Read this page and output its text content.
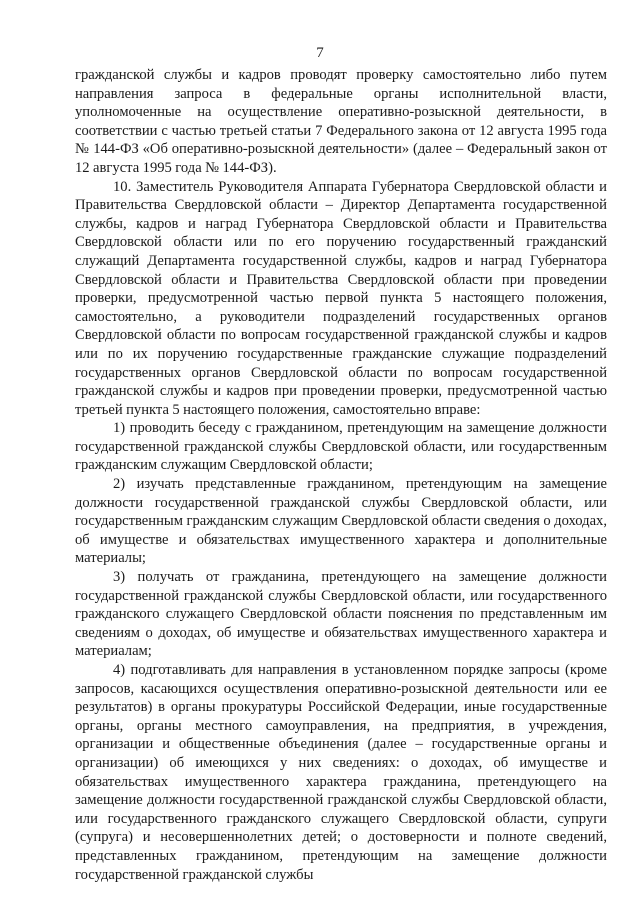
7

гражданской службы и кадров проводят проверку самостоятельно либо путем направления запроса в федеральные органы исполнительной власти, уполномоченные на осуществление оперативно-розыскной деятельности, в соответствии с частью третьей статьи 7 Федерального закона от 12 августа 1995 года № 144-ФЗ «Об оперативно-розыскной деятельности» (далее – Федеральный закон от 12 августа 1995 года № 144-ФЗ).

10. Заместитель Руководителя Аппарата Губернатора Свердловской области и Правительства Свердловской области – Директор Департамента государственной службы, кадров и наград Губернатора Свердловской области и Правительства Свердловской области или по его поручению государственный гражданский служащий Департамента государственной службы, кадров и наград Губернатора Свердловской области и Правительства Свердловской области при проведении проверки, предусмотренной частью первой пункта 5 настоящего положения, самостоятельно, а руководители подразделений государственных органов Свердловской области по вопросам государственной гражданской службы и кадров или по их поручению государственные гражданские служащие подразделений государственных органов Свердловской области по вопросам государственной гражданской службы и кадров при проведении проверки, предусмотренной частью третьей пункта 5 настоящего положения, самостоятельно вправе:

1) проводить беседу с гражданином, претендующим на замещение должности государственной гражданской службы Свердловской области, или государственным гражданским служащим Свердловской области;

2) изучать представленные гражданином, претендующим на замещение должности государственной гражданской службы Свердловской области, или государственным гражданским служащим Свердловской области сведения о доходах, об имуществе и обязательствах имущественного характера и дополнительные материалы;

3) получать от гражданина, претендующего на замещение должности государственной гражданской службы Свердловской области, или государственного гражданского служащего Свердловской области пояснения по представленным им сведениям о доходах, об имуществе и обязательствах имущественного характера и материалам;

4) подготавливать для направления в установленном порядке запросы (кроме запросов, касающихся осуществления оперативно-розыскной деятельности или ее результатов) в органы прокуратуры Российской Федерации, иные государственные органы, органы местного самоуправления, на предприятия, в учреждения, организации и общественные объединения (далее – государственные органы и организации) об имеющихся у них сведениях: о доходах, об имуществе и обязательствах имущественного характера гражданина, претендующего на замещение должности государственной гражданской службы Свердловской области, или государственного гражданского служащего Свердловской области, супруги (супруга) и несовершеннолетних детей; о достоверности и полноте сведений, представленных гражданином, претендующим на замещение должности государственной гражданской службы
